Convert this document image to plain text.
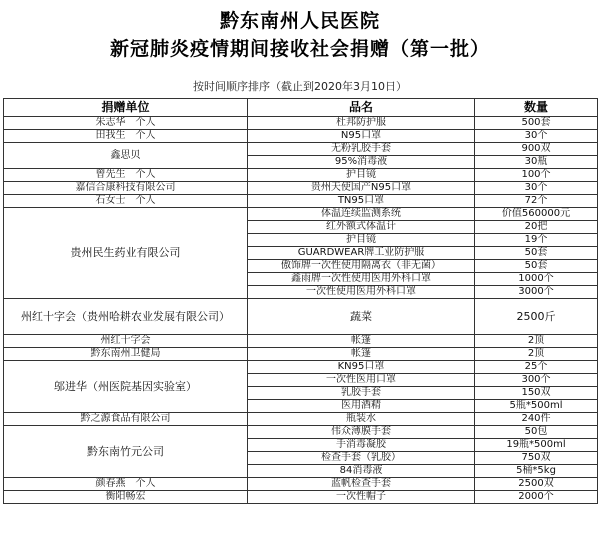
黔东南州人民医院
新冠肺炎疫情期间接收社会捐赠（第一批）
按时间顺序排序（截止到2020年3月10日）
捐赠单位	品名	数量
朱志华　个人	杜邦防护服	500套
田我生　个人	N95口罩	30个
鑫思贝	无粉乳胶手套	900双
	95%消毒液	30瓶
曾先生　个人	护目镜	100个
嘉信合康科技有限公司	贵州天使国产N95口罩	30个
石女士　个人	TN95口罩	72个
贵州民生药业有限公司	体温连续监测系统	价值560000元
	红外额式体温计	20把
	护目镜	19个
	GUARDWEAR牌工业防护服	50套
	傲饰牌一次性使用隔离衣（非无菌）	50套
	鑫雨牌一次性使用医用外科口罩	1000个
	一次性使用医用外科口罩	3000个
州红十字会（贵州哈耕农业发展有限公司）	蔬菜	2500斤
州红十字会	帐篷	2顶
黔东南州卫健局	帐篷	2顶
邬进华（州医院基因实验室）	KN95口罩	25个
	一次性医用口罩	300个
	乳胶手套	150双
	医用酒精	5瓶*500ml
黔之源食品有限公司	瓶装水	240件
黔东南竹元公司	伟众薄膜手套	50包
	手消毒凝胶	19瓶*500ml
	检查手套（乳胶）	750双
	84消毒液	5桶*5kg
颜春燕　个人	蓝帆检查手套	2500双
衡阳畅宏	一次性帽子	2000个
